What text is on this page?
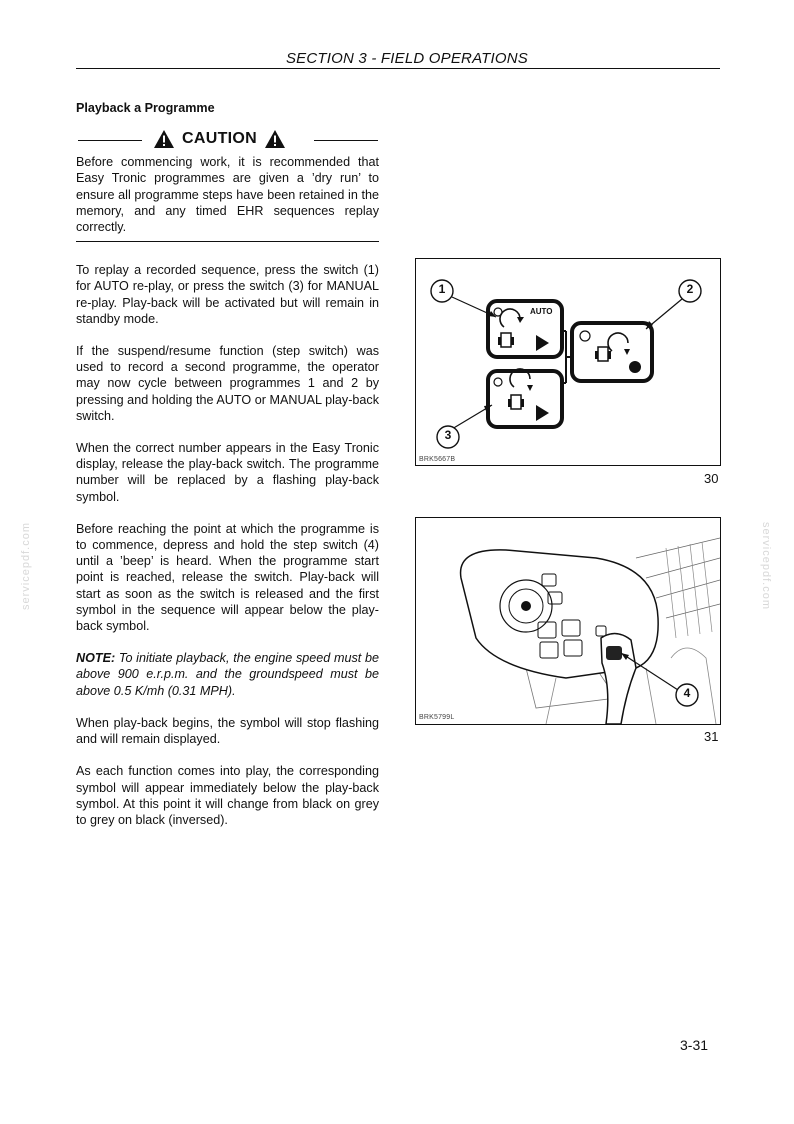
SECTION 3 - FIELD OPERATIONS
Playback a Programme
CAUTION
Before commencing work, it is recommended that Easy Tronic programmes are given a ’dry run’ to ensure all programme steps have been retained in the memory, and any timed EHR sequences replay correctly.

To replay a recorded sequence, press the switch (1) for AUTO re-play, or press the switch (3) for MANUAL re-play. Play-back will be activated but will remain in standby mode.

If the suspend/resume function (step switch) was used to record a second programme, the operator may now cycle between programmes 1 and 2 by pressing and holding the AUTO or MANUAL play-back switch.

When the correct number appears in the Easy Tronic display, release the play-back switch. The programme number will be replaced by a flashing play-back symbol.

Before reaching the point at which the programme is to commence, depress and hold the step switch (4) until a ’beep’ is heard. When the programme start point is reached, release the switch. Play-back will start as soon as the switch is released and the first symbol in the sequence will appear below the play-back symbol.

NOTE: To initiate playback, the engine speed must be above 900 e.r.p.m. and the groundspeed must be above 0.5 K/mh (0.31 MPH).

When play-back begins, the symbol will stop flashing and will remain displayed.

As each function comes into play, the corresponding symbol will appear immediately below the play-back symbol. At this point it will change from black on grey to grey on black (inversed).

1	2
3
AUTO
BRK5667B
30
4
BRK5799L
31
3-31
servicepdf.com	servicepdf.com
